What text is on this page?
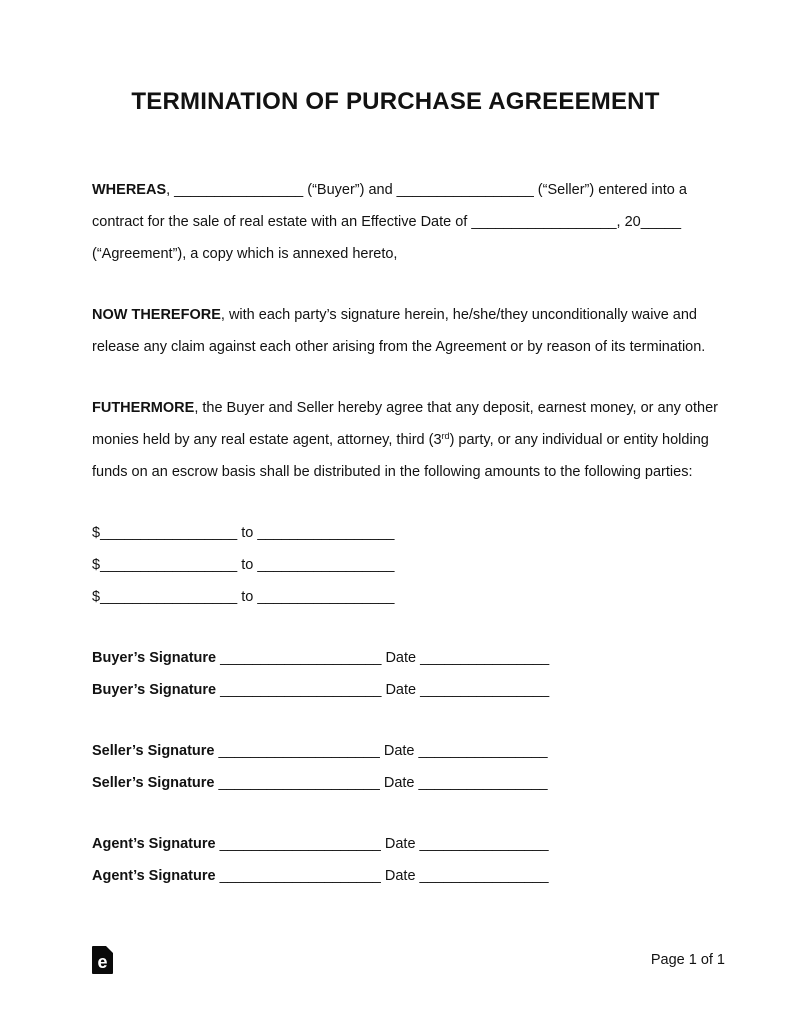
TERMINATION OF PURCHASE AGREEEMENT

WHEREAS, ________________ (“Buyer”) and _________________ (“Seller”) entered into a
contract for the sale of real estate with an Effective Date of __________________, 20_____
(“Agreement”), a copy which is annexed hereto,

NOW THEREFORE, with each party’s signature herein, he/she/they unconditionally waive and
release any claim against each other arising from the Agreement or by reason of its termination.

FUTHERMORE, the Buyer and Seller hereby agree that any deposit, earnest money, or any other
monies held by any real estate agent, attorney, third (3rd) party, or any individual or entity holding
funds on an escrow basis shall be distributed in the following amounts to the following parties:

$_________________ to _________________
$_________________ to _________________
$_________________ to _________________
Buyer’s Signature ____________________ Date ________________
Buyer’s Signature ____________________ Date ________________
Seller’s Signature ____________________ Date ________________
Seller’s Signature ____________________ Date ________________
Agent’s Signature ____________________ Date ________________
Agent’s Signature ____________________ Date ________________
e	Page 1 of 1
